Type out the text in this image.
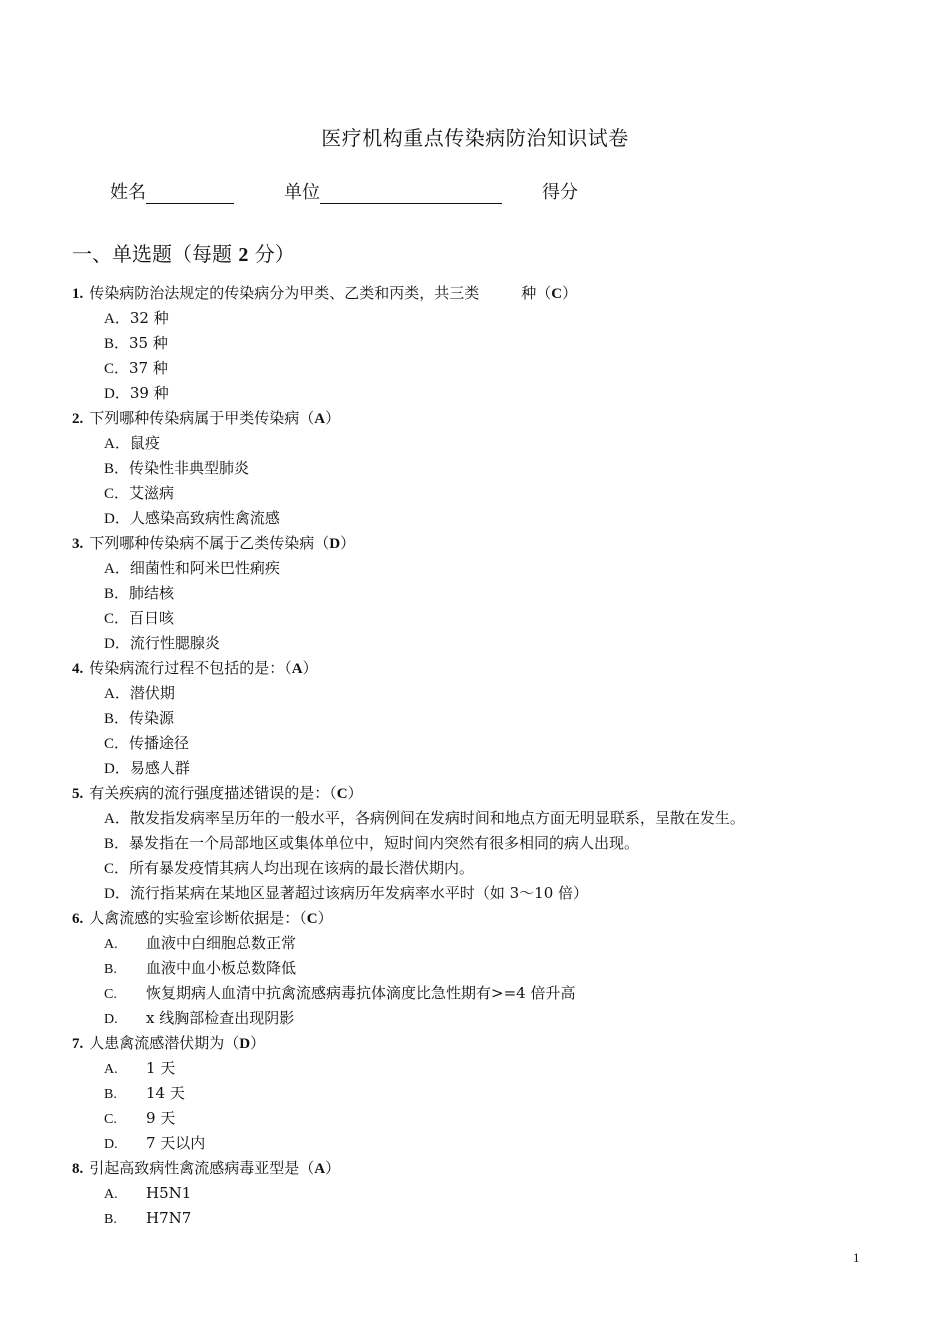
医疗机构重点传染病防治知识试卷
姓名	单位	得分
一、单选题（每题 2 分）
1. 传染病防治法规定的传染病分为甲类、乙类和丙类，共三类	种（C）
A．32 种
B．35 种
C．37 种
D．39 种
2. 下列哪种传染病属于甲类传染病（A）
A．鼠疫
B．传染性非典型肺炎
C．艾滋病
D．人感染高致病性禽流感
3. 下列哪种传染病不属于乙类传染病（D）
A．细菌性和阿米巴性痢疾
B．肺结核
C．百日咳
D．流行性腮腺炎
4. 传染病流行过程不包括的是：（A）
A．潜伏期
B．传染源
C．传播途径
D．易感人群
5. 有关疾病的流行强度描述错误的是：（C）
A．散发指发病率呈历年的一般水平，各病例间在发病时间和地点方面无明显联系，呈散在发生。
B．暴发指在一个局部地区或集体单位中，短时间内突然有很多相同的病人出现。
C．所有暴发疫情其病人均出现在该病的最长潜伏期内。
D．流行指某病在某地区显著超过该病历年发病率水平时（如 3～10 倍）
6. 人禽流感的实验室诊断依据是：（C）
A. 血液中白细胞总数正常
B. 血液中血小板总数降低
C. 恢复期病人血清中抗禽流感病毒抗体滴度比急性期有>=4 倍升高
D. x 线胸部检查出现阴影
7. 人患禽流感潜伏期为（D）
A. 1 天
B. 14 天
C. 9 天
D. 7 天以内
8. 引起高致病性禽流感病毒亚型是（A）
A. H5N1
B. H7N7
1
